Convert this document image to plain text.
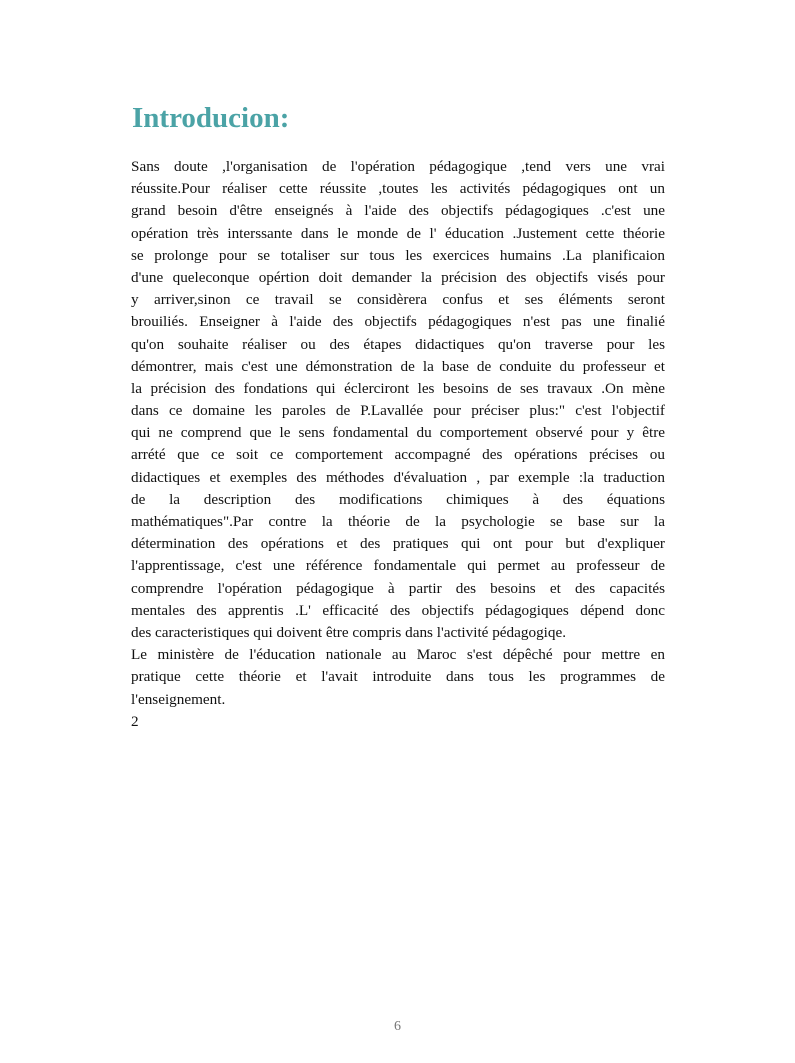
Introducion:
Sans doute ,l'organisation de l'opération pédagogique ,tend vers une vrai
réussite.Pour réaliser cette réussite ,toutes les activités pédagogiques ont un
grand besoin d'être enseignés à l'aide des objectifs pédagogiques .c'est une
opération très interssante dans le monde de l' éducation .Justement cette théorie
se prolonge pour se totaliser sur tous les exercices humains .La planificaion
d'une queleconque opértion doit demander la précision des objectifs visés pour
y arriver,sinon ce travail se considèrera confus et ses éléments seront
brouiliés. Enseigner à l'aide des objectifs pédagogiques n'est pas une finalié
qu'on souhaite réaliser ou des étapes didactiques qu'on traverse pour les
démontrer, mais c'est une démonstration de la base de conduite du professeur et
la précision des fondations qui éclerciront les besoins de ses travaux .On mène
dans ce domaine les paroles de P.Lavallée pour préciser plus:" c'est l'objectif
qui ne comprend que le sens fondamental du comportement observé pour y être
arrété que ce soit ce comportement accompagné des opérations précises ou
didactiques et exemples des méthodes d'évaluation , par exemple :la traduction
de la description des modifications chimiques à des équations
mathématiques".Par contre la théorie de la psychologie se base sur la
détermination des opérations et des pratiques qui ont pour but d'expliquer
l'apprentissage, c'est une référence fondamentale qui permet au professeur de
comprendre l'opération pédagogique à partir des besoins et des capacités
mentales des apprentis .L' efficacité des objectifs pédagogiques dépend donc
des caracteristiques qui doivent être compris dans l'activité pédagogiqe.
Le ministère de l'éducation nationale au Maroc s'est dépêché pour mettre en
pratique cette théorie et l'avait introduite dans tous les programmes de
l'enseignement.
2
6
